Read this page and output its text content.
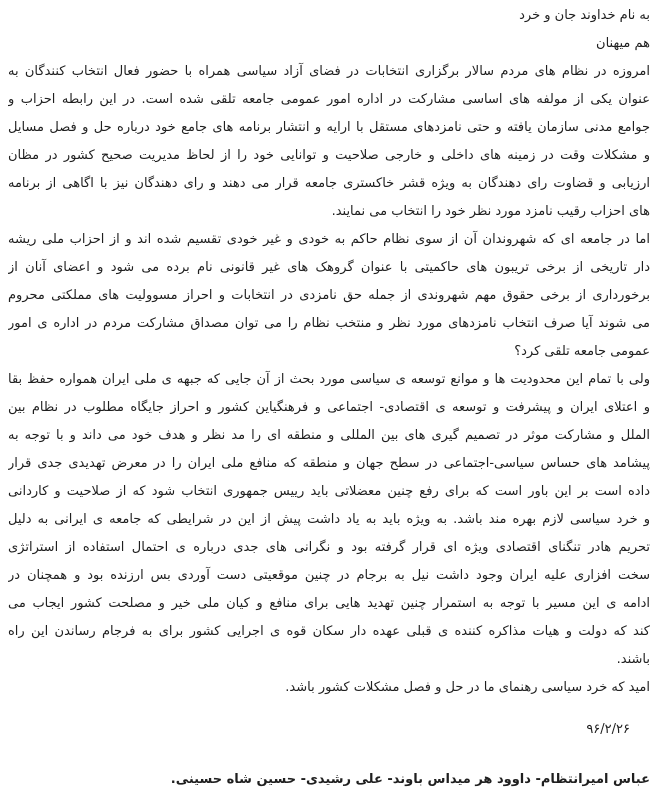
به نام خداوند جان و خرد
هم میهنان
امروزه در نظام های مردم سالار برگزاری انتخابات در فضای آزاد سیاسی همراه با حضور فعال انتخاب کنندگان به
عنوان یکی از مولفه های اساسی مشارکت در اداره امور عمومی جامعه تلقی شده است. در این رابطه احزاب و
جوامع مدنی سازمان یافته و حتی نامزدهای مستقل با ارایه و انتشار برنامه های جامع خود درباره حل و فصل مسایل
و مشکلات وقت در زمینه های داخلی و خارجی صلاحیت و توانایی خود را از لحاظ مدیریت صحیح کشور در مظان
ارزیابی و قضاوت رای دهندگان به ویژه قشر خاکستری جامعه قرار می دهند و رای دهندگان نیز با اگاهی از برنامه
های احزاب رقیب نامزد مورد نظر خود را انتخاب می نمایند.
اما در جامعه ای که شهروندان آن از سوی نظام حاکم به خودی و غیر خودی تقسیم شده اند و از احزاب ملی ریشه
دار تاریخی از برخی تریبون های حاکمیتی با عنوان گروهک های غیر قانونی نام برده می شود و اعضای آنان از
برخورداری از برخی حقوق مهم شهروندی از جمله حق نامزدی در انتخابات و احراز مسوولیت های مملکتی محروم
می شوند آیا صرف انتخاب نامزدهای مورد نظر و منتخب نظام را می توان مصداق مشارکت مردم در اداره ی امور
عمومی جامعه تلقی کرد؟
ولی با تمام این محدودیت ها و موانع توسعه ی سیاسی مورد بحث از آن جایی که جبهه ی ملی ایران همواره حفظ بقا
و اعتلای ایران و پیشرفت و توسعه ی اقتصادی- اجتماعی و فرهنگیاین کشور و احراز جایگاه مطلوب در نظام بین
الملل و مشارکت موثر در تصمیم گیری های بین المللی و منطقه ای را مد نظر و هدف خود می داند و با توجه به
پیشامد های حساس سیاسی-اجتماعی در سطح جهان و منطقه که منافع ملی ایران را در معرض تهدیدی جدی قرار
داده است بر این باور است که برای رفع چنین معضلاتی باید رییس جمهوری انتخاب شود که از صلاحیت و کاردانی
و خرد سیاسی لازم بهره مند باشد. به ویژه باید به یاد داشت پیش از این در شرایطی که جامعه ی ایرانی به دلیل
تحریم هادر تنگنای اقتصادی ویژه ای قرار گرفته بود و نگرانی های جدی درباره ی احتمال استفاده از استراتژی
سخت افزاری علیه ایران وجود داشت نیل به برجام در چنین موقعیتی دست آوردی بس ارزنده بود و همچنان در
ادامه ی این مسیر با توجه به استمرار چنین تهدید هایی برای منافع و کیان ملی خیر و مصلحت کشور ایجاب می
کند که دولت و هیات مذاکره کننده ی قبلی عهده دار سکان قوه ی اجرایی کشور برای به فرجام رساندن این راه
باشند.
امید که خرد سیاسی رهنمای ما در حل و فصل مشکلات کشور باشد.
۹۶/۲/۲۶
عباس امیرانتظام- داوود هر میداس باوند- علی رشیدی- حسین شاه حسینی.
